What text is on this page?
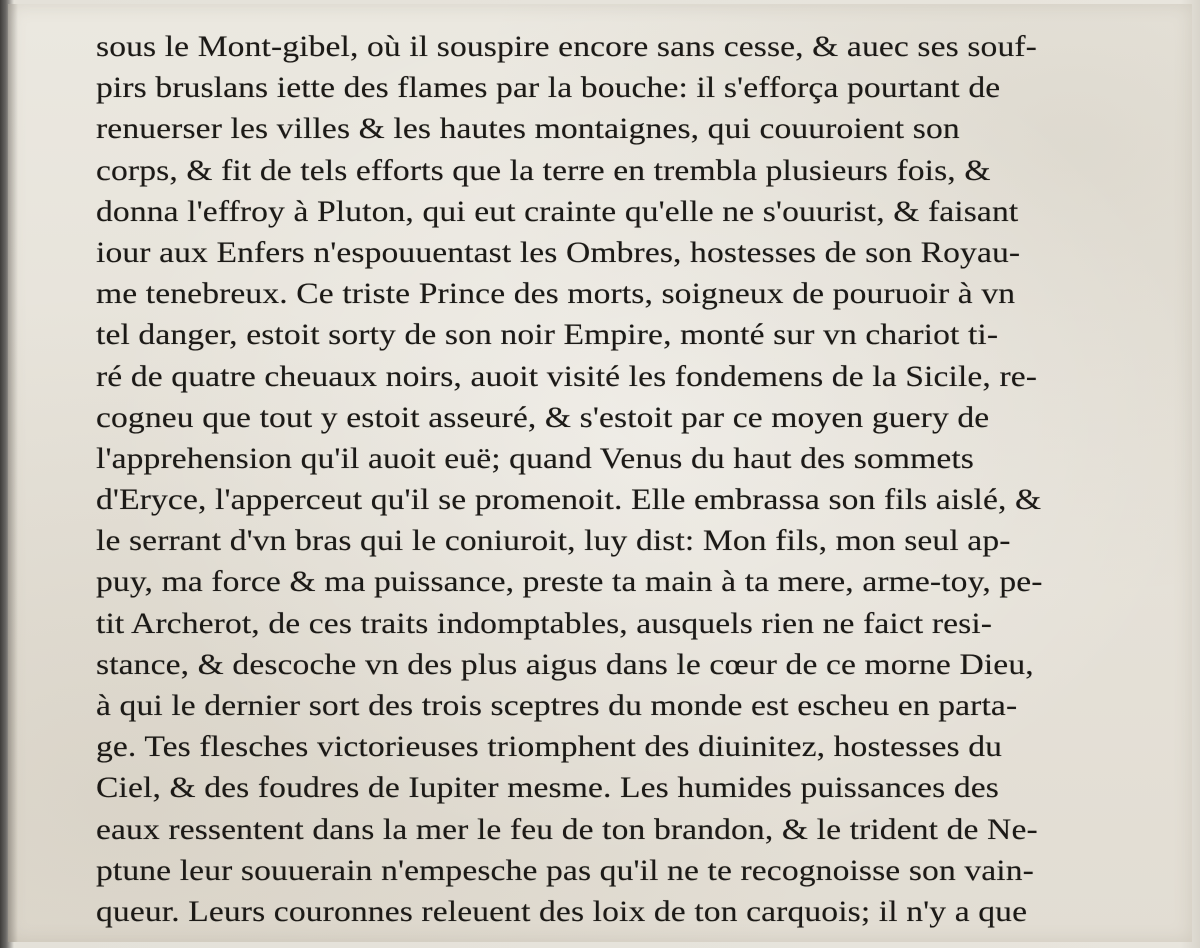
sous le Mont-gibel, où il souspire encore sans cesse, & auec ses souf-
pirs bruslans iette des flames par la bouche: il s'efforça pourtant de
renuerser les villes & les hautes montaignes, qui couuroient son
corps, & fit de tels efforts que la terre en trembla plusieurs fois, &
donna l'effroy à Pluton, qui eut crainte qu'elle ne s'ouurist, & faisant
iour aux Enfers n'espouuentast les Ombres, hostesses de son Royau-
me tenebreux. Ce triste Prince des morts, soigneux de pouruoir à vn
tel danger, estoit sorty de son noir Empire, monté sur vn chariot ti-
ré de quatre cheuaux noirs, auoit visité les fondemens de la Sicile, re-
cogneu que tout y estoit asseuré, & s'estoit par ce moyen guery de
l'apprehension qu'il auoit euë; quand Venus du haut des sommets
d'Eryce, l'apperceut qu'il se promenoit. Elle embrassa son fils aislé, &
le serrant d'vn bras qui le coniuroit, luy dist: Mon fils, mon seul ap-
puy, ma force & ma puissance, preste ta main à ta mere, arme-toy, pe-
tit Archerot, de ces traits indomptables, ausquels rien ne faict resi-
stance, & descoche vn des plus aigus dans le cœur de ce morne Dieu,
à qui le dernier sort des trois sceptres du monde est escheu en parta-
ge. Tes flesches victorieuses triomphent des diuinitez, hostesses du
Ciel, & des foudres de Iupiter mesme. Les humides puissances des
eaux ressentent dans la mer le feu de ton brandon, & le trident de Ne-
ptune leur souuerain n'empesche pas qu'il ne te recognoisse son vain-
queur. Leurs couronnes releuent des loix de ton carquois; il n'y a que
